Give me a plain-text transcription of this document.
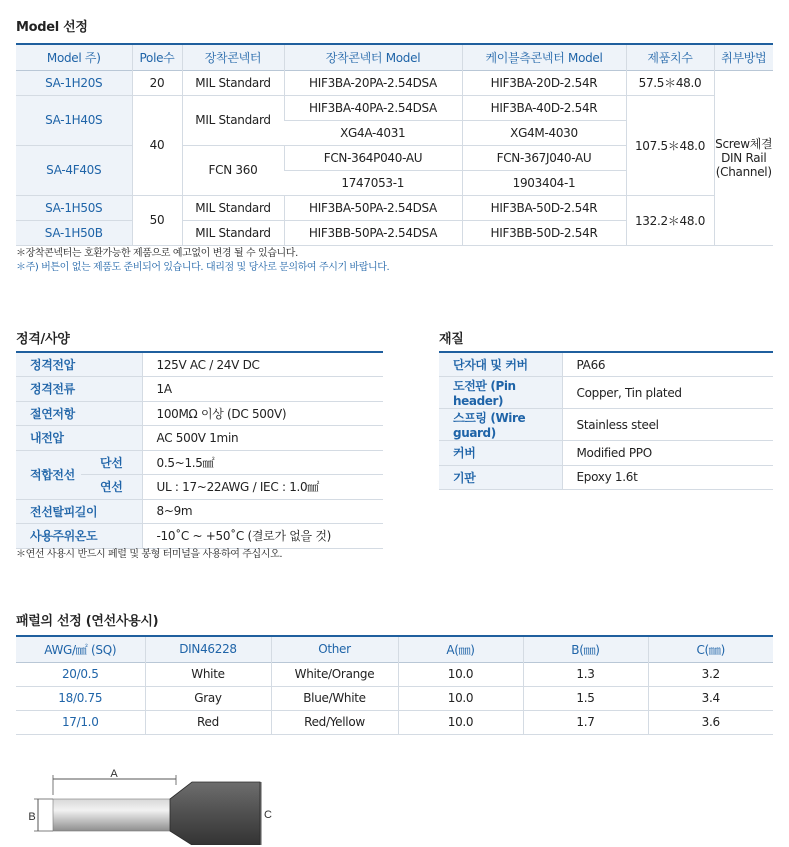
Model 선정
Model 주)	Pole수	장착콘넥터	장착콘넥터 Model	케이블측콘넥터 Model	제품치수	취부방법
SA-1H20S	20	MIL Standard	HIF3BA-20PA-2.54DSA	HIF3BA-20D-2.54R	57.5＊48.0	Screw체결
DIN Rail
(Channel)

SA-1H40S	40	MIL Standard	HIF3BA-40PA-2.54DSA	HIF3BA-40D-2.54R	107.5＊48.0	
			XG4A-4031	XG4M-4030		
SA-4F40S		FCN 360	FCN-364P040-AU	FCN-367J040-AU		
			1747053-1	1903404-1		
SA-1H50S	50	MIL Standard	HIF3BA-50PA-2.54DSA	HIF3BA-50D-2.54R	132.2＊48.0	
SA-1H50B		MIL Standard	HIF3BB-50PA-2.54DSA	HIF3BB-50D-2.54R		
＊장착콘넥터는 호환가능한 제품으로 예고없이 변경 될 수 있습니다.
＊주) 버튼이 없는 제품도 준비되어 있습니다. 대리점 및 당사로 문의하여 주시기 바랍니다.
정격/사양
정격전압		125V AC / 24V DC
정격전류		1A
절연저항		100MΩ 이상 (DC 500V)
내전압		AC 500V 1min
적합전선	단선	0.5~1.5㎟
	연선	UL : 17~22AWG / IEC : 1.0㎟
전선탈피길이		8~9m
사용주위온도		-10˚C ~ +50˚C (결로가 없을 것)
＊연선 사용시 반드시 페럴 및 봉형 터미널을 사용하여 주십시오.
재질
단자대 및 커버	PA66
도전판 (Pin header)	Copper, Tin plated
스프링 (Wire guard)	Stainless steel
커버	Modified PPO
기판	Epoxy 1.6t
패럴의 선정 (연선사용시)
AWG/㎟ (SQ)	DIN46228	Other	A(㎜)	B(㎜)	C(㎜)
20/0.5	White	White/Orange	10.0	1.3	3.2
18/0.75	Gray	Blue/White	10.0	1.5	3.4
17/1.0	Red	Red/Yellow	10.0	1.7	3.6
A
B	C
